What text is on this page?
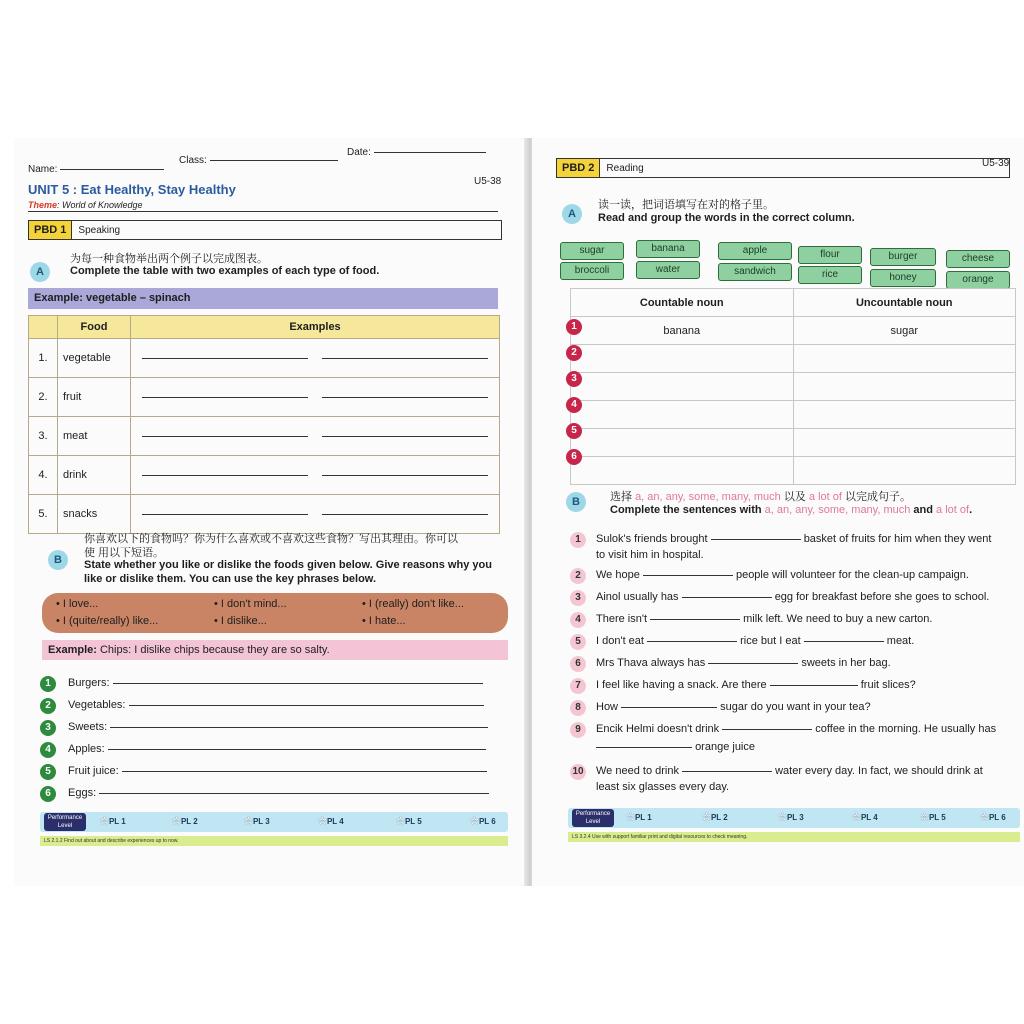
Name:
Class:
Date:
UNIT 5 : Eat Healthy, Stay Healthy
Theme: World of Knowledge
U5-38
PBD 1	Speaking
A
为每一种食物举出两个例子以完成图表。
Complete the table with two examples of each type of food.
Example: vegetable – spinach
	Food	Examples
1.	vegetable	
2.	fruit	
3.	meat	
4.	drink	
5.	snacks	
B
你喜欢以下的食物吗？你为什么喜欢或不喜欢这些食物？写出其理由。你可以
使 用以下短语。
State whether you like or dislike the foods given below. Give reasons why you
like or dislike them. You can use the key phrases below.
• I love...	• I don't mind...	• I (really) don't like...
• I (quite/really) like...	• I dislike...	• I hate...
Example: Chips: I dislike chips because they are so salty.
1	Burgers:
2	Vegetables:
3	Sweets:
4	Apples:
5	Fruit juice:
6	Eggs:
Performance Level	☆PL 1	☆PL 2	☆PL 3	☆PL 4	☆PL 5	☆PL 6
LS 2.1.2 Find out about and describe experiences up to now.
PBD 2	Reading	U5-39
A
读一读，把词语填写在对的格子里。
Read and group the words in the correct column.
sugar	banana	apple	flour	burger	cheese
broccoli	water	sandwich	rice	honey	orange
Countable noun	Uncountable noun
banana	sugar

1
2
3
4
5
6
B	选择 a, an, any, some, many, much 以及 a lot of 以完成句子。
Complete the sentences with a, an, any, some, many, much and a lot of.
1	Sulok's friends brought	basket of fruits for him when they went
to visit him in hospital.
2	We hope	people will volunteer for the clean-up campaign.
3	Ainol usually has	egg for breakfast before she goes to school.
4	There isn't	milk left. We need to buy a new carton.
5	I don't eat	rice but I eat	meat.
6	Mrs Thava always has	sweets in her bag.
7	I feel like having a snack. Are there	fruit slices?
8	How	sugar do you want in your tea?
9	Encik Helmi doesn't drink	coffee in the morning. He usually has
orange juice
10 We need to drink	water every day. In fact, we should drink at
least six glasses every day.
Performance Level	☆PL 1	☆PL 2	☆PL 3	☆PL 4	☆PL 5	☆PL 6
LS 3.2.4 Use with support familiar print and digital resources to check meaning.
